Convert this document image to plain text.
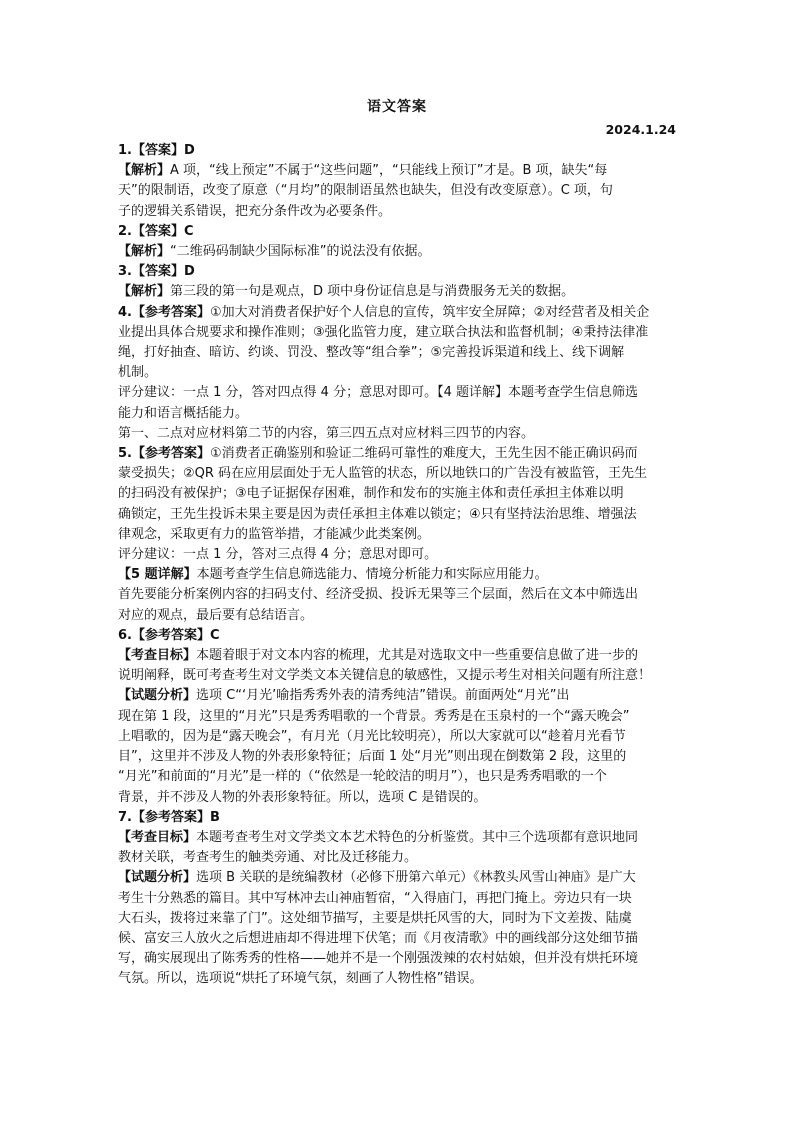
语文答案
2024.1.24
1.【答案】D
【解析】A 项，“线上预定”不属于“这些问题”，“只能线上预订”才是。B 项，缺失“每
天”的限制语，改变了原意（“月均”的限制语虽然也缺失，但没有改变原意）。C 项，句
子的逻辑关系错误，把充分条件改为必要条件。
2.【答案】C
【解析】“二维码码制缺少国际标准”的说法没有依据。
3.【答案】D
【解析】第三段的第一句是观点，D 项中身份证信息是与消费服务无关的数据。
4.【参考答案】①加大对消费者保护好个人信息的宣传，筑牢安全屏障；②对经营者及相关企
业提出具体合规要求和操作准则；③强化监管力度，建立联合执法和监督机制；④秉持法律准
绳，打好抽查、暗访、约谈、罚没、整改等“组合拳”；⑤完善投诉渠道和线上、线下调解
机制。
评分建议：一点 1 分，答对四点得 4 分；意思对即可。【4 题详解】本题考查学生信息筛选
能力和语言概括能力。
第一、二点对应材料第二节的内容，第三四五点对应材料三四节的内容。
5.【参考答案】①消费者正确鉴别和验证二维码可靠性的难度大，王先生因不能正确识码而
蒙受损失；②QR 码在应用层面处于无人监管的状态，所以地铁口的广告没有被监管，王先生
的扫码没有被保护；③电子证据保存困难，制作和发布的实施主体和责任承担主体难以明
确锁定，王先生投诉未果主要是因为责任承担主体难以锁定；④只有坚持法治思维、增强法
律观念，采取更有力的监管举措，才能减少此类案例。
评分建议：一点 1 分，答对三点得 4 分；意思对即可。
【5 题详解】本题考查学生信息筛选能力、情境分析能力和实际应用能力。
首先要能分析案例内容的扫码支付、经济受损、投诉无果等三个层面，然后在文本中筛选出
对应的观点，最后要有总结语言。
6.【参考答案】C
【考查目标】本题着眼于对文本内容的梳理，尤其是对选取文中一些重要信息做了进一步的
说明阐释，既可考查考生对文学类文本关键信息的敏感性，又提示考生对相关问题有所注意！
【试题分析】选项 C“‘月光’喻指秀秀外表的清秀纯洁”错误。前面两处“月光”出
现在第 1 段，这里的“月光”只是秀秀唱歌的一个背景。秀秀是在玉泉村的一个“露天晚会”
上唱歌的，因为是“露天晚会”，有月光（月光比较明亮），所以大家就可以“趁着月光看节
目”，这里并不涉及人物的外表形象特征；后面 1 处“月光”则出现在倒数第 2 段，这里的
“月光”和前面的“月光”是一样的（“依然是一轮皎洁的明月”），也只是秀秀唱歌的一个
背景，并不涉及人物的外表形象特征。所以，选项 C 是错误的。
7.【参考答案】B
【考查目标】本题考查考生对文学类文本艺术特色的分析鉴赏。其中三个选项都有意识地同
教材关联，考查考生的触类旁通、对比及迁移能力。
【试题分析】选项 B 关联的是统编教材（必修下册第六单元）《林教头风雪山神庙》是广大
考生十分熟悉的篇目。其中写林冲去山神庙暂宿，“入得庙门，再把门掩上。旁边只有一块
大石头，拨将过来靠了门”。这处细节描写，主要是烘托风雪的大，同时为下文差拨、陆虞
候、富安三人放火之后想进庙却不得进埋下伏笔；而《月夜清歌》中的画线部分这处细节描
写，确实展现出了陈秀秀的性格——她并不是一个刚强泼辣的农村姑娘，但并没有烘托环境
气氛。所以，选项说“烘托了环境气氛，刻画了人物性格”错误。
